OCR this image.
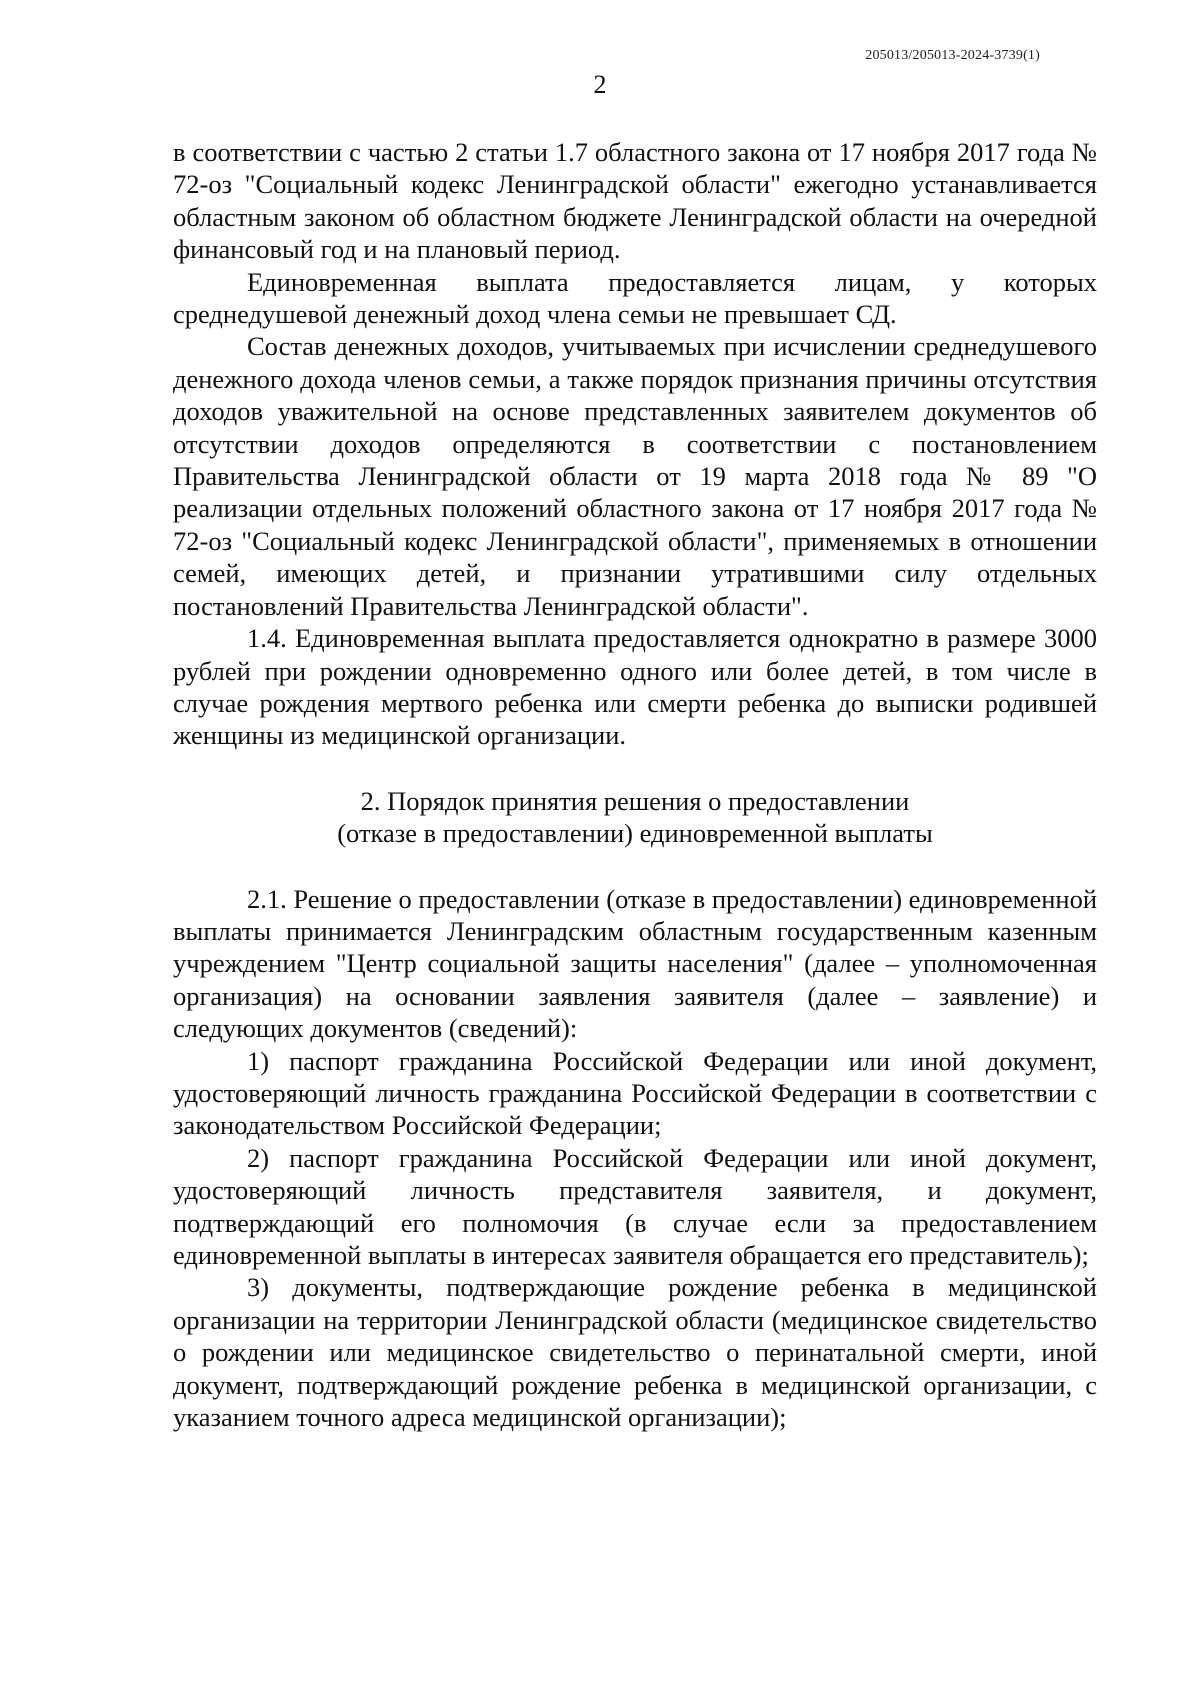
205013/205013-2024-3739(1)
2

в соответствии с частью 2 статьи 1.7 областного закона от 17 ноября 2017 года № 72-оз "Социальный кодекс Ленинградской области" ежегодно устанавливается областным законом об областном бюджете Ленинградской области на очередной финансовый год и на плановый период.

Единовременная выплата предоставляется лицам, у которых среднедушевой денежный доход члена семьи не превышает СД.

Состав денежных доходов, учитываемых при исчислении среднедушевого денежного дохода членов семьи, а также порядок признания причины отсутствия доходов уважительной на основе представленных заявителем документов об отсутствии доходов определяются в соответствии с постановлением Правительства Ленинградской области от 19 марта 2018 года № 89 "О реализации отдельных положений областного закона от 17 ноября 2017 года № 72-оз "Социальный кодекс Ленинградской области", применяемых в отношении семей, имеющих детей, и признании утратившими силу отдельных постановлений Правительства Ленинградской области".

1.4. Единовременная выплата предоставляется однократно в размере 3000 рублей при рождении одновременно одного или более детей, в том числе в случае рождения мертвого ребенка или смерти ребенка до выписки родившей женщины из медицинской организации.

2. Порядок принятия решения о предоставлении
(отказе в предоставлении) единовременной выплаты

2.1. Решение о предоставлении (отказе в предоставлении) единовременной выплаты принимается Ленинградским областным государственным казенным учреждением "Центр социальной защиты населения" (далее – уполномоченная организация) на основании заявления заявителя (далее – заявление) и следующих документов (сведений):

1) паспорт гражданина Российской Федерации или иной документ, удостоверяющий личность гражданина Российской Федерации в соответствии с законодательством Российской Федерации;

2) паспорт гражданина Российской Федерации или иной документ, удостоверяющий личность представителя заявителя, и документ, подтверждающий его полномочия (в случае если за предоставлением единовременной выплаты в интересах заявителя обращается его представитель);

3) документы, подтверждающие рождение ребенка в медицинской организации на территории Ленинградской области (медицинское свидетельство о рождении или медицинское свидетельство о перинатальной смерти, иной документ, подтверждающий рождение ребенка в медицинской организации, с указанием точного адреса медицинской организации);
